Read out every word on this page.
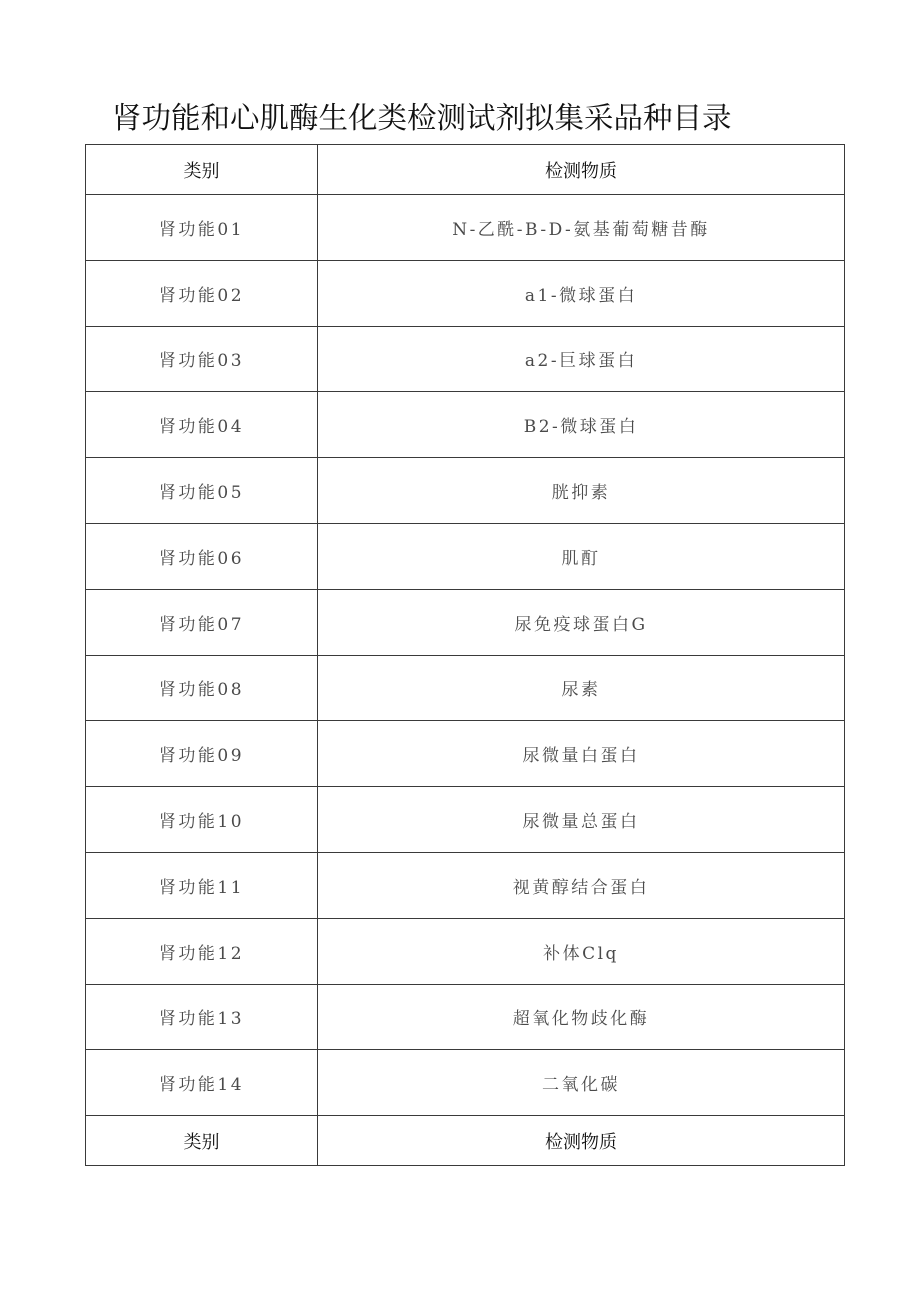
肾功能和心肌酶生化类检测试剂拟集采品种目录
类别	检测物质
肾功能01	N-乙酰-B-D-氨基葡萄糖昔酶
肾功能02	a1-微球蛋白
肾功能03	a2-巨球蛋白
肾功能04	B2-微球蛋白
肾功能05	胱抑素
肾功能06	肌酊
肾功能07	尿免疫球蛋白G
肾功能08	尿素
肾功能09	尿微量白蛋白
肾功能10	尿微量总蛋白
肾功能11	视黄醇结合蛋白
肾功能12	补体Clq
肾功能13	超氧化物歧化酶
肾功能14	二氧化碳
类别	检测物质
